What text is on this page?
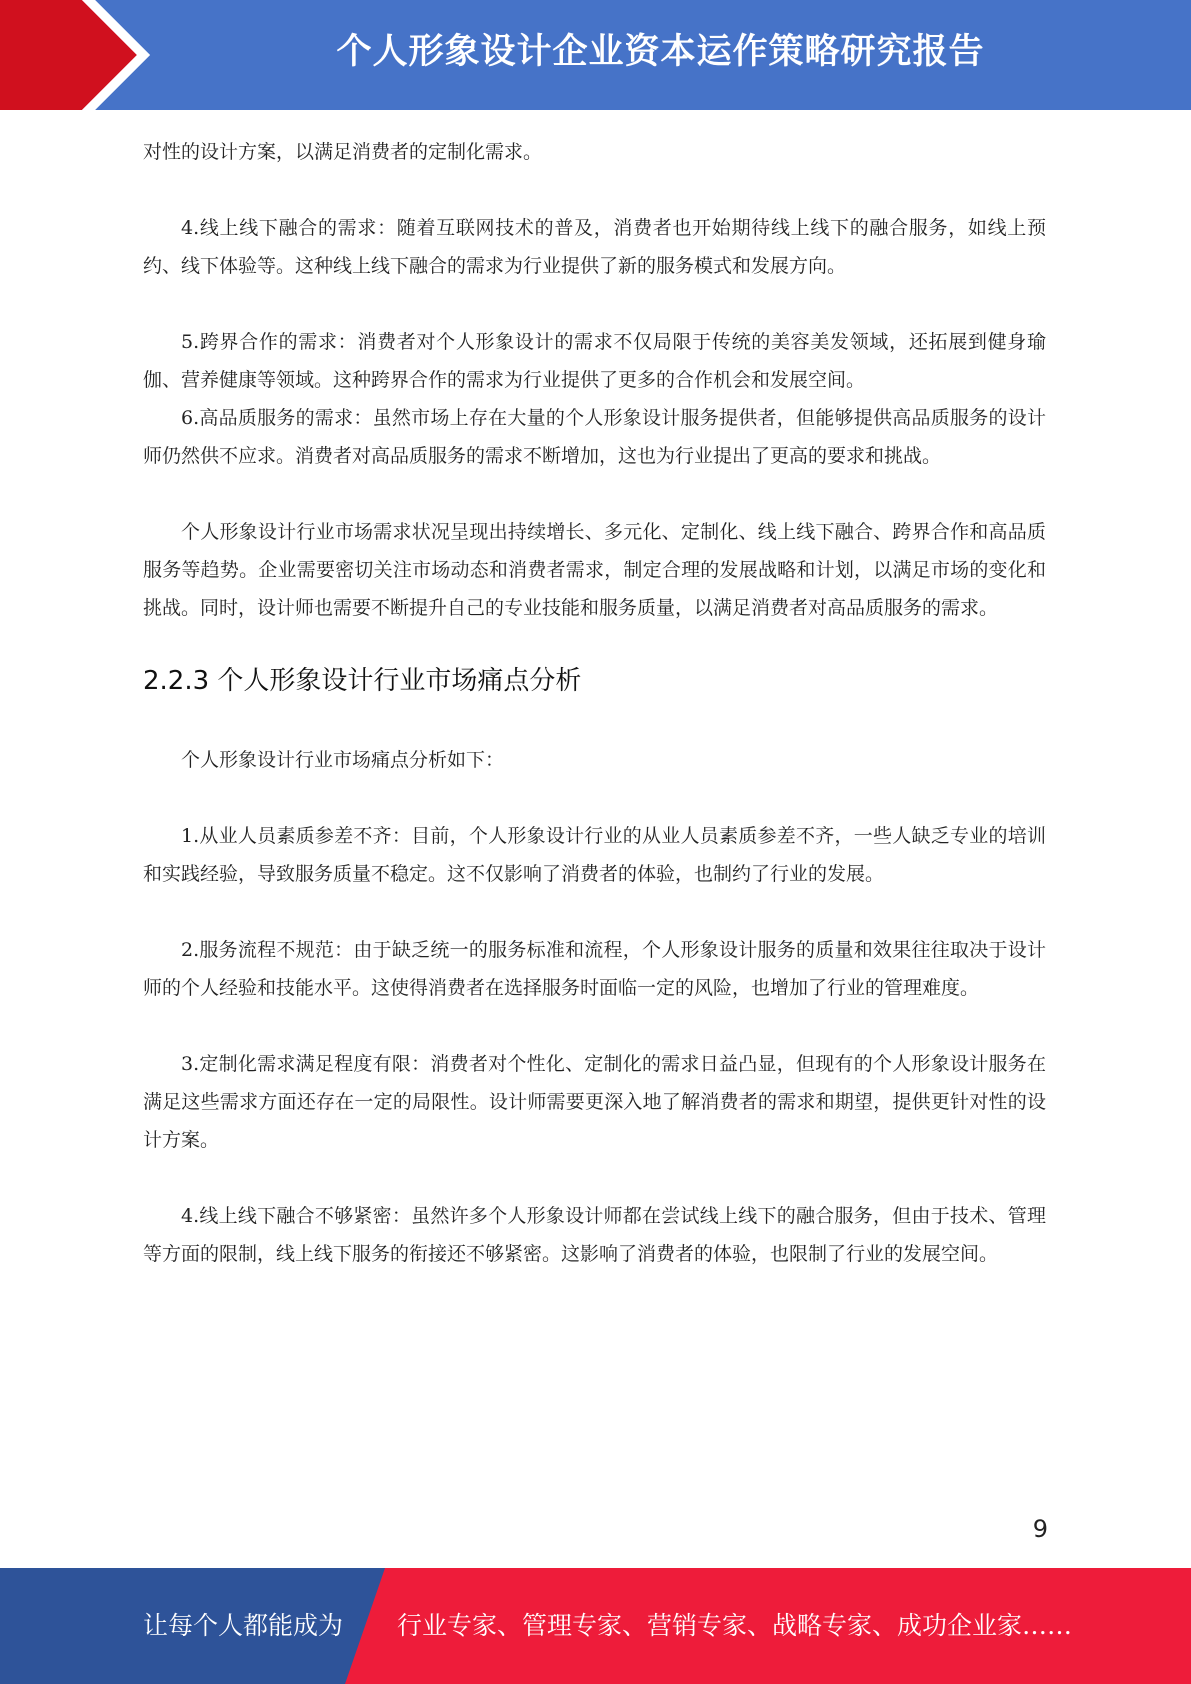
个人形象设计企业资本运作策略研究报告

对性的设计方案，以满足消费者的定制化需求。

4.线上线下融合的需求：随着互联网技术的普及，消费者也开始期待线上线下的融合服务，如线上预约、线下体验等。这种线上线下融合的需求为行业提供了新的服务模式和发展方向。

5.跨界合作的需求：消费者对个人形象设计的需求不仅局限于传统的美容美发领域，还拓展到健身瑜伽、营养健康等领域。这种跨界合作的需求为行业提供了更多的合作机会和发展空间。

6.高品质服务的需求：虽然市场上存在大量的个人形象设计服务提供者，但能够提供高品质服务的设计师仍然供不应求。消费者对高品质服务的需求不断增加，这也为行业提出了更高的要求和挑战。

个人形象设计行业市场需求状况呈现出持续增长、多元化、定制化、线上线下融合、跨界合作和高品质服务等趋势。企业需要密切关注市场动态和消费者需求，制定合理的发展战略和计划，以满足市场的变化和挑战。同时，设计师也需要不断提升自己的专业技能和服务质量，以满足消费者对高品质服务的需求。

2.2.3 个人形象设计行业市场痛点分析

个人形象设计行业市场痛点分析如下：

1.从业人员素质参差不齐：目前，个人形象设计行业的从业人员素质参差不齐，一些人缺乏专业的培训和实践经验，导致服务质量不稳定。这不仅影响了消费者的体验，也制约了行业的发展。

2.服务流程不规范：由于缺乏统一的服务标准和流程，个人形象设计服务的质量和效果往往取决于设计师的个人经验和技能水平。这使得消费者在选择服务时面临一定的风险，也增加了行业的管理难度。

3.定制化需求满足程度有限：消费者对个性化、定制化的需求日益凸显，但现有的个人形象设计服务在满足这些需求方面还存在一定的局限性。设计师需要更深入地了解消费者的需求和期望，提供更针对性的设计方案。

4.线上线下融合不够紧密：虽然许多个人形象设计师都在尝试线上线下的融合服务，但由于技术、管理等方面的限制，线上线下服务的衔接还不够紧密。这影响了消费者的体验，也限制了行业的发展空间。

9
让每个人都能成为 行业专家、管理专家、营销专家、战略专家、成功企业家……
